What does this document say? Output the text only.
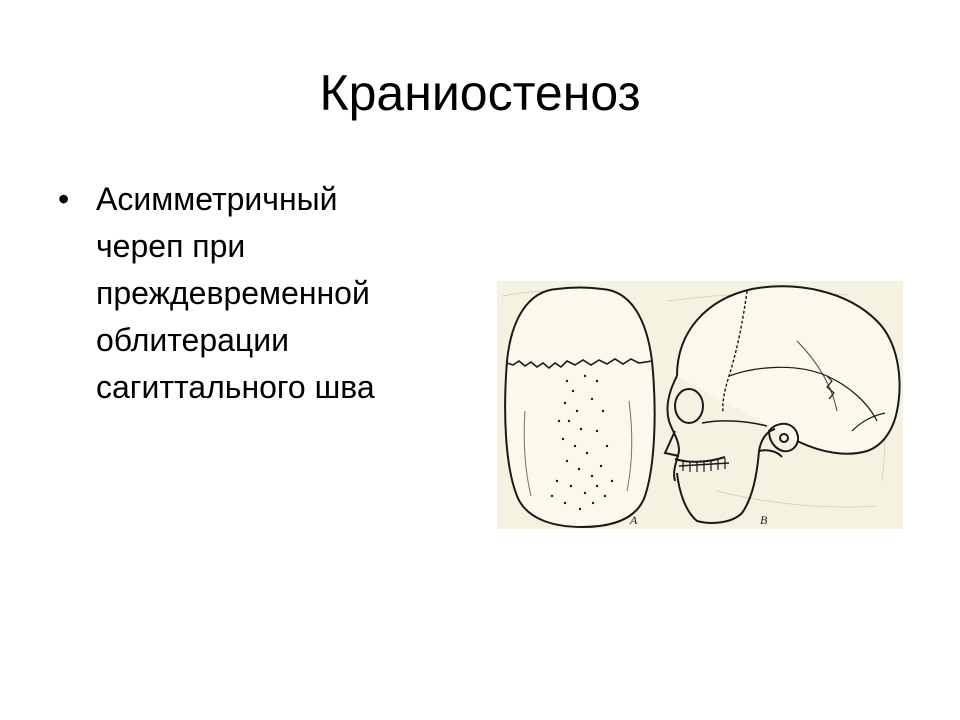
Краниостеноз
• Асимметричный
череп при
преждевременной
облитерации
сагиттального шва
A	B
